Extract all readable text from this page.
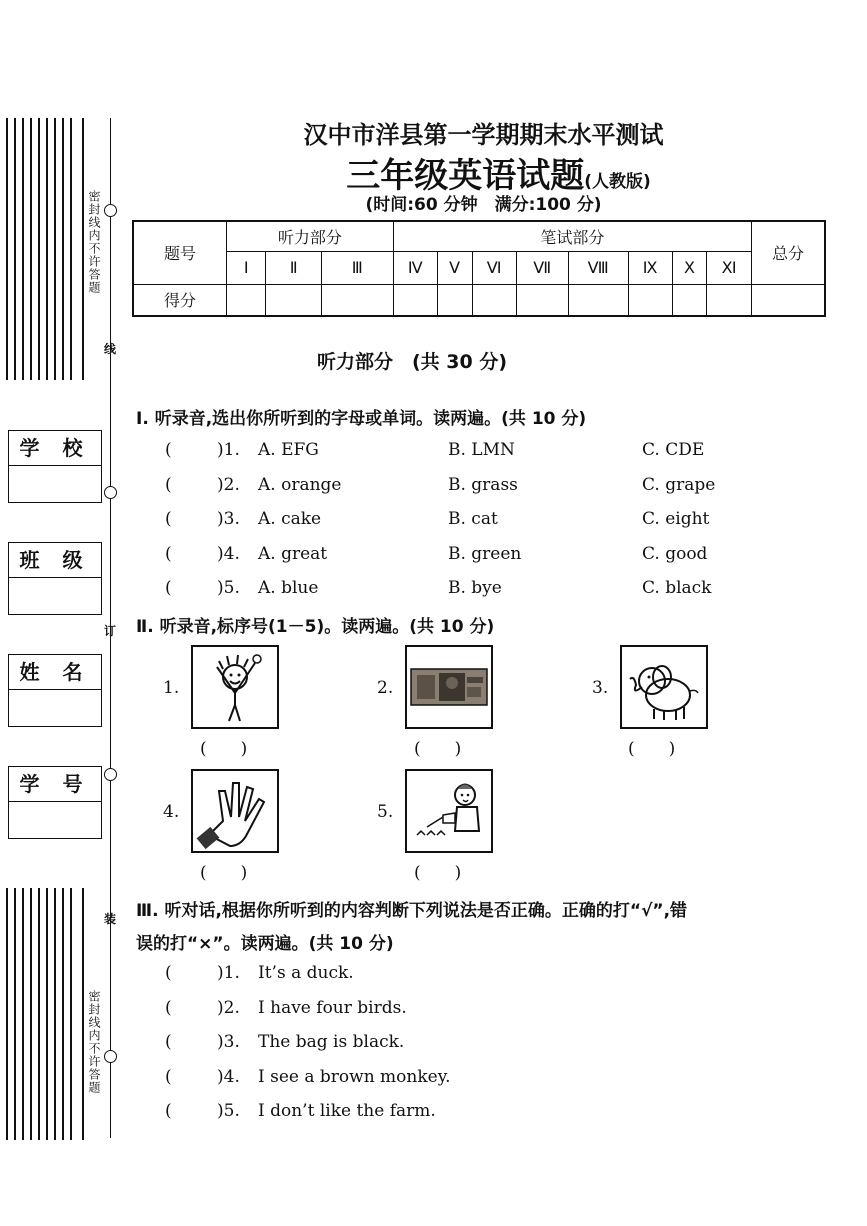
密封线内不许答题
密封线内不许答题
线
订
装
学 校
班 级
姓 名
学 号
汉中市洋县第一学期期末水平测试
三年级英语试题(人教版)
(时间:60 分钟　满分:100 分)
题号	听力部分			笔试部分								总分
	Ⅰ	Ⅱ	Ⅲ	Ⅳ	Ⅴ	Ⅵ	Ⅶ	Ⅷ	Ⅸ	Ⅹ	Ⅺ	
得分												
听力部分　(共 30 分)
Ⅰ. 听录音,选出你所听到的字母或单词。读两遍。(共 10 分)
(	)1. A. EFG	B. LMN	C. CDE
(	)2. A. orange	B. grass	C. grape
(	)3. A. cake	B. cat	C. eight
(	)4. A. great	B. green	C. good
(	)5. A. blue	B. bye	C. black
Ⅱ. 听录音,标序号(1－5)。读两遍。(共 10 分)
1.
(　　)
2.
(　　)
3.
(　　)
4.
(　　)
5.
(　　)
Ⅲ. 听对话,根据你所听到的内容判断下列说法是否正确。正确的打“√”,错
误的打“×”。读两遍。(共 10 分)
(	)1. It’s a duck.
(	)2. I have four birds.
(	)3. The bag is black.
(	)4. I see a brown monkey.
(	)5. I don’t like the farm.
